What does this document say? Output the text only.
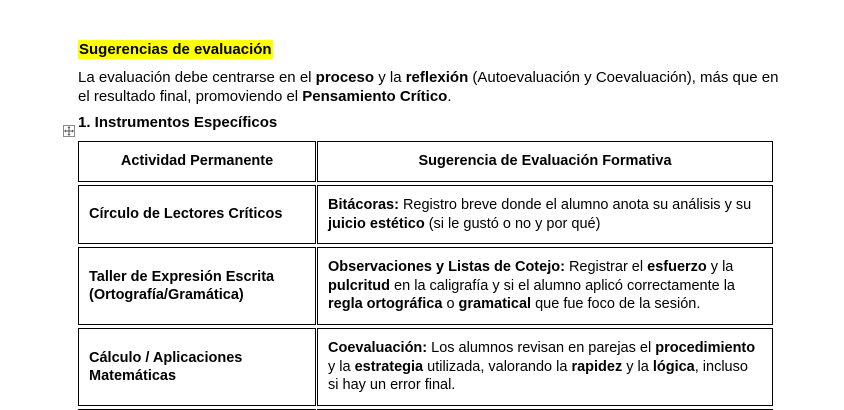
Sugerencias de evaluación
La evaluación debe centrarse en el proceso y la reflexión (Autoevaluación y Coevaluación), más que en el resultado final, promoviendo el Pensamiento Crítico.
1. Instrumentos Específicos
Actividad Permanente	Sugerencia de Evaluación Formativa
Círculo de Lectores Críticos
Bitácoras: Registro breve donde el alumno anota su análisis y su juicio estético (si le gustó o no y por qué)
Taller de Expresión Escrita (Ortografía/Gramática)
Observaciones y Listas de Cotejo: Registrar el esfuerzo y la pulcritud en la caligrafía y si el alumno aplicó correctamente la regla ortográfica o gramatical que fue foco de la sesión.
Cálculo / Aplicaciones Matemáticas
Coevaluación: Los alumnos revisan en parejas el procedimiento y la estrategia utilizada, valorando la rapidez y la lógica, incluso si hay un error final.
